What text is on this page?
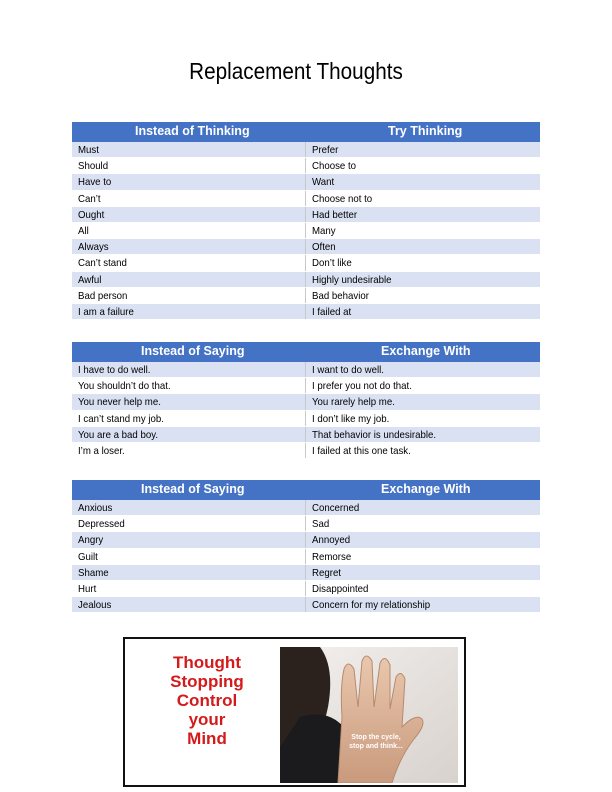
Replacement Thoughts
Instead of Thinking	Try Thinking
Must	Prefer
Should	Choose to
Have to	Want
Can’t	Choose not to
Ought	Had better
All	Many
Always	Often
Can’t stand	Don’t like
Awful	Highly undesirable
Bad person	Bad behavior
I am a failure	I failed at
Instead of Saying	Exchange With
I have to do well.	I want to do well.
You shouldn’t do that.	I prefer you not do that.
You never help me.	You rarely help me.
I can’t stand my job.	I don’t like my job.
You are a bad boy.	That behavior is undesirable.
I’m a loser.	I failed at this one task.
Instead of Saying	Exchange With
Anxious	Concerned
Depressed	Sad
Angry	Annoyed
Guilt	Remorse
Shame	Regret
Hurt	Disappointed
Jealous	Concern for my relationship
Thought
Stopping
Control
your
Mind	Stop the cycle, stop and think...
